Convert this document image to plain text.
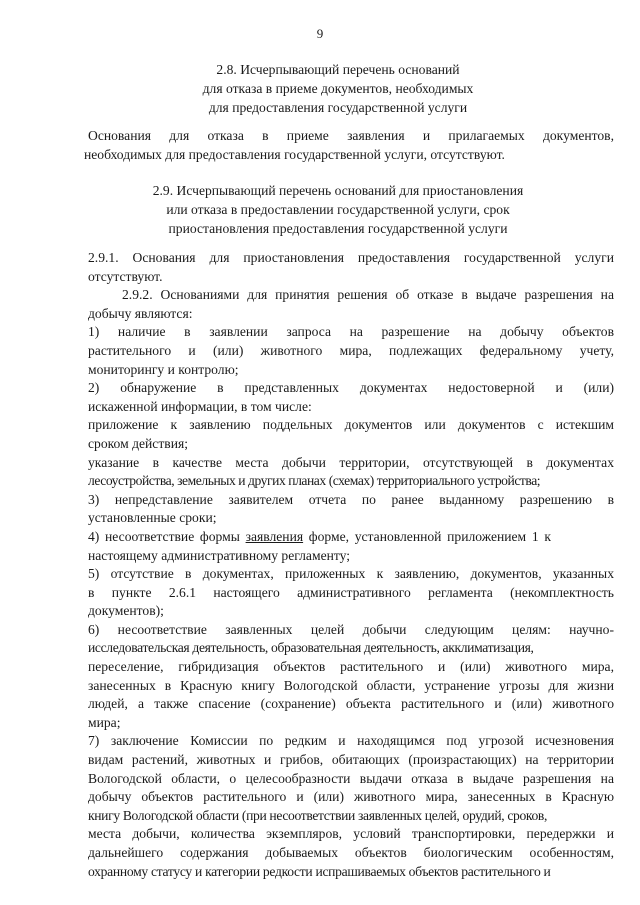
9
2.8. Исчерпывающий перечень оснований
для отказа в приеме документов, необходимых
для предоставления государственной услуги
Основания для отказа в приеме заявления и прилагаемых документов,
необходимых для предоставления государственной услуги, отсутствуют.
2.9. Исчерпывающий перечень оснований для приостановления
или отказа в предоставлении государственной услуги, срок
приостановления предоставления государственной услуги
2.9.1. Основания для приостановления предоставления государственной услуги
отсутствуют.
2.9.2. Основаниями для принятия решения об отказе в выдаче разрешения на
добычу являются:
1) наличие в заявлении запроса на разрешение на добычу объектов
растительного и (или) животного мира, подлежащих федеральному учету,
мониторингу и контролю;
2) обнаружение в представленных документах недостоверной и (или)
искаженной информации, в том числе:
приложение к заявлению поддельных документов или документов с истекшим
сроком действия;
указание в качестве места добычи территории, отсутствующей в документах
лесоустройства, земельных и других планах (схемах) территориального устройства;
3) непредставление заявителем отчета по ранее выданному разрешению в
установленные сроки;
4) несоответствие формы заявления форме, установленной приложением 1 к
настоящему административному регламенту;
5) отсутствие в документах, приложенных к заявлению, документов, указанных
в пункте 2.6.1 настоящего административного регламента (некомплектность
документов);
6) несоответствие заявленных целей добычи следующим целям: научно-
исследовательская деятельность, образовательная деятельность, акклиматизация,
переселение, гибридизация объектов растительного и (или) животного мира,
занесенных в Красную книгу Вологодской области, устранение угрозы для жизни
людей, а также спасение (сохранение) объекта растительного и (или) животного
мира;
7) заключение Комиссии по редким и находящимся под угрозой исчезновения
видам растений, животных и грибов, обитающих (произрастающих) на территории
Вологодской области, о целесообразности выдачи отказа в выдаче разрешения на
добычу объектов растительного и (или) животного мира, занесенных в Красную
книгу Вологодской области (при несоответствии заявленных целей, орудий, сроков,
места добычи, количества экземпляров, условий транспортировки, передержки и
дальнейшего содержания добываемых объектов биологическим особенностям,
охранному статусу и категории редкости испрашиваемых объектов растительного и
